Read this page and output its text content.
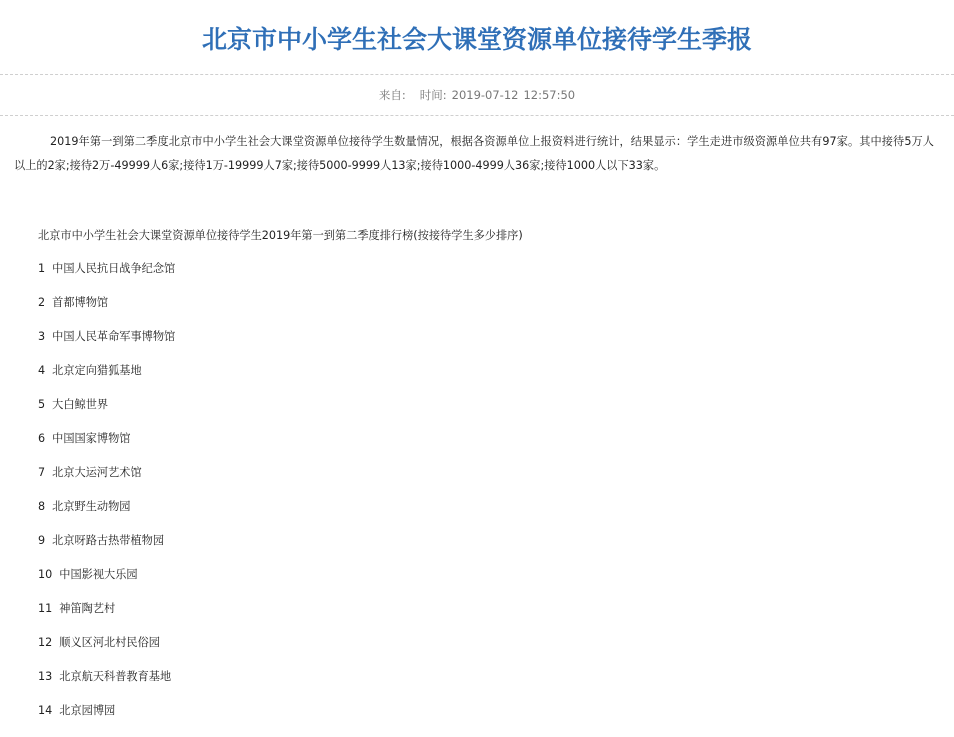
北京市中小学生社会大课堂资源单位接待学生季报
来自: 时间: 2019-07-12 12:57:50

2019年第一到第二季度北京市中小学生社会大课堂资源单位接待学生数量情况，根据各资源单位上报资料进行统计，结果显示：学生走进市级资源单位共有97家。其中接待5万人以上的2家;接待2万-49999人6家;接待1万-19999人7家;接待5000-9999人13家;接待1000-4999人36家;接待1000人以下33家。

北京市中小学生社会大课堂资源单位接待学生2019年第一到第二季度排行榜(按接待学生多少排序)

1 中国人民抗日战争纪念馆
2 首都博物馆
3 中国人民革命军事博物馆
4 北京定向猎狐基地
5 大白鲸世界
6 中国国家博物馆
7 北京大运河艺术馆
8 北京野生动物园
9 北京呀路古热带植物园
10 中国影视大乐园
11 神笛陶艺村
12 顺义区河北村民俗园
13 北京航天科普教育基地
14 北京园博园
